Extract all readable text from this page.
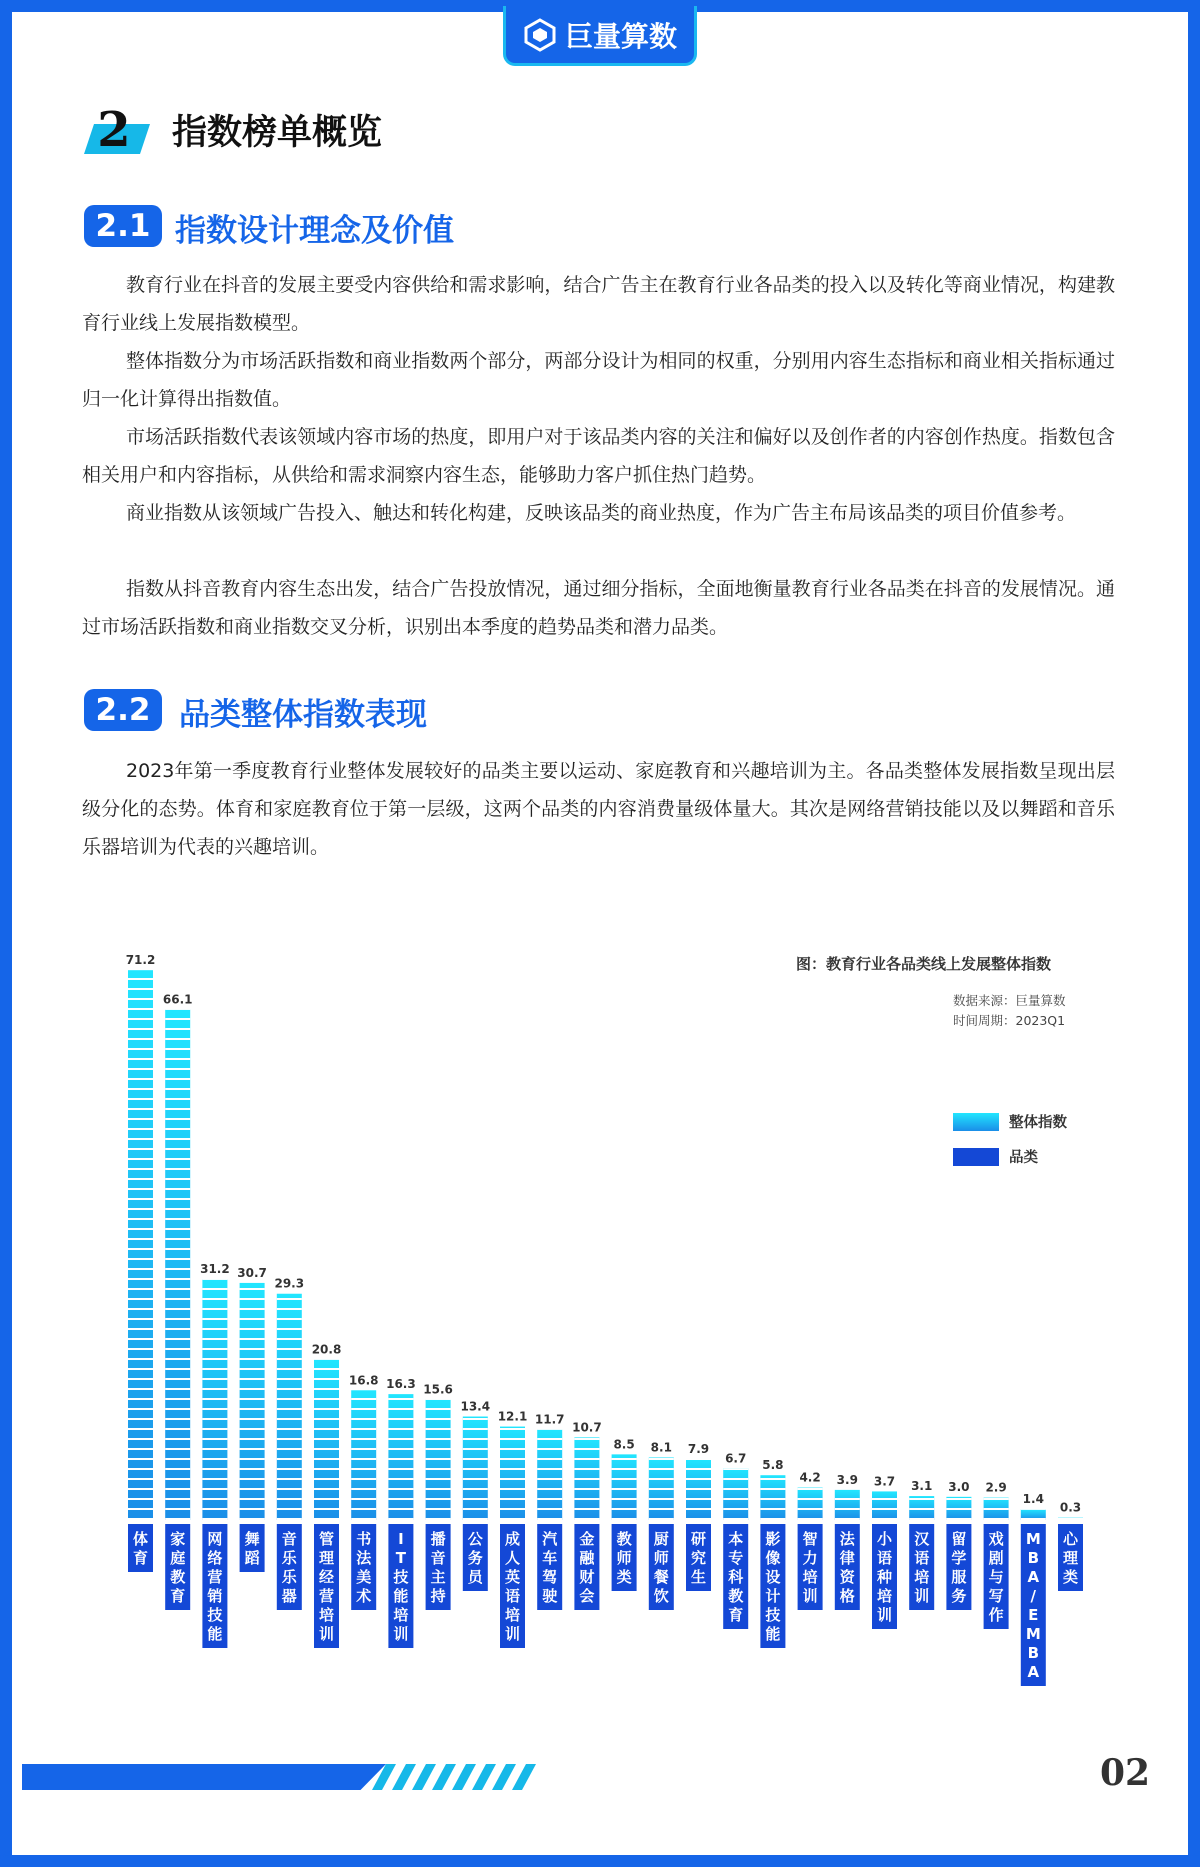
巨量算数
2 指数榜单概览
2.1 指数设计理念及价值

教育行业在抖音的发展主要受内容供给和需求影响，结合广告主在教育行业各品类的投入以及转化等商业情况，构建教育行业线上发展指数模型。

整体指数分为市场活跃指数和商业指数两个部分，两部分设计为相同的权重，分别用内容生态指标和商业相关指标通过归一化计算得出指数值。

市场活跃指数代表该领域内容市场的热度，即用户对于该品类内容的关注和偏好以及创作者的内容创作热度。指数包含相关用户和内容指标，从供给和需求洞察内容生态，能够助力客户抓住热门趋势。

商业指数从该领域广告投入、触达和转化构建，反映该品类的商业热度，作为广告主布局该品类的项目价值参考。

指数从抖音教育内容生态出发，结合广告投放情况，通过细分指标，全面地衡量教育行业各品类在抖音的发展情况。通过市场活跃指数和商业指数交叉分析，识别出本季度的趋势品类和潜力品类。

2.2 品类整体指数表现

2023年第一季度教育行业整体发展较好的品类主要以运动、家庭教育和兴趣培训为主。各品类整体发展指数呈现出层级分化的态势。体育和家庭教育位于第一层级，这两个品类的内容消费量级体量大。其次是网络营销技能以及以舞蹈和音乐乐器培训为代表的兴趣培训。

71.2
体育
66.1
家庭教育
31.2
网络营销技能
30.7
舞蹈
29.3
音乐乐器
20.8
管理经营培训
16.8
书法美术
16.3
I T 技能培训
15.6
播音主持
13.4
公务员
12.1
成人英语培训
11.7
汽车驾驶
10.7
金融财会
8.5
教师类
8.1
厨师餐饮
7.9
研究生
6.7
本专科教育
5.8
影像设计技能
4.2
智力培训
3.9
法律资格
3.7
小语种培训
3.1
汉语培训
3.0
留学服务
2.9
戏剧与写作
1.4
M B A / E M B A
0.3
心理类
图：教育行业各品类线上发展整体指数
数据来源：巨量算数
时间周期：2023Q1
整体指数
品类
02
